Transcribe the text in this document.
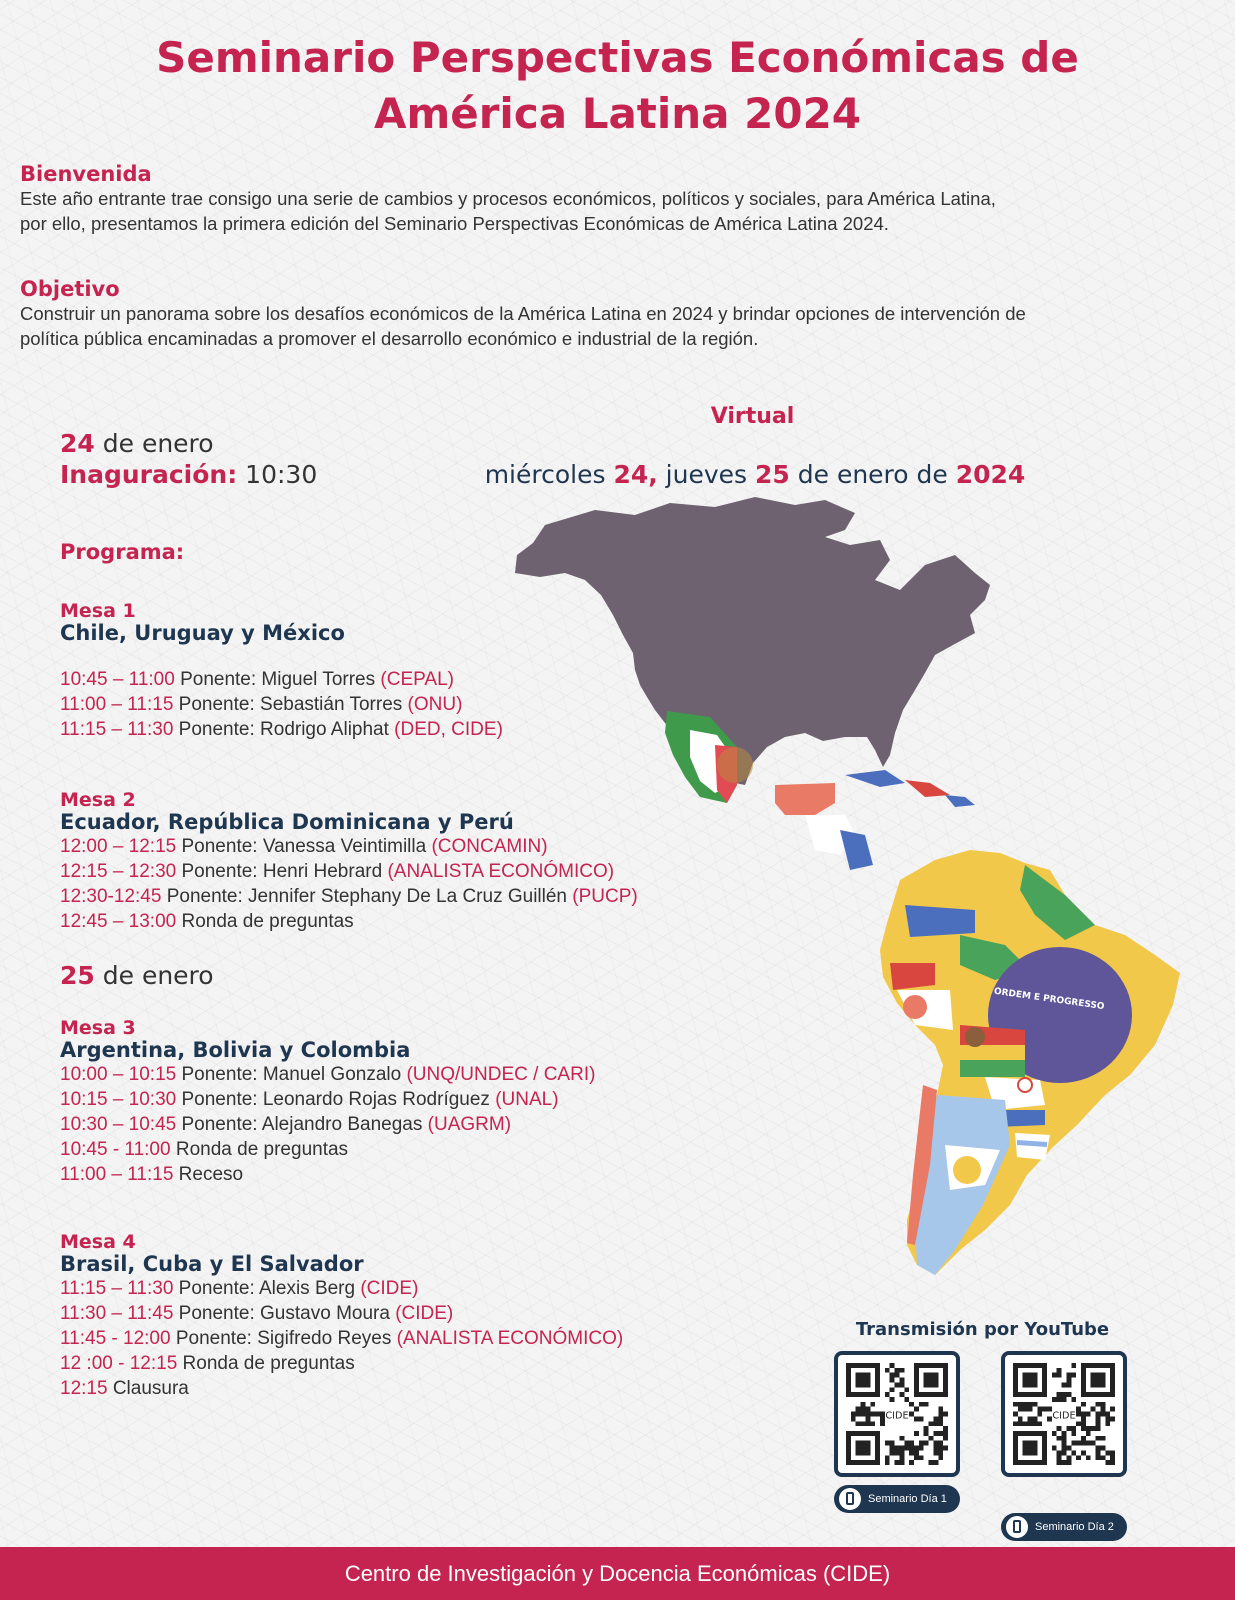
Seminario Perspectivas Económicas de
América Latina 2024
Bienvenida
Este año entrante trae consigo una serie de cambios y procesos económicos, políticos y sociales, para América Latina,
por ello, presentamos la primera edición del Seminario Perspectivas Económicas de América Latina 2024.
Objetivo
Construir un panorama sobre los desafíos económicos de la América Latina en 2024 y brindar opciones de intervención de
política pública encaminadas a promover el desarrollo económico e industrial de la región.
24 de enero
Inaguración: 10:30
Virtual
miércoles 24, jueves 25 de enero de 2024
ORDEM E PROGRESSO
Programa:
Mesa 1
Chile, Uruguay y México
10:45 – 11:00 Ponente: Miguel Torres (CEPAL)
11:00 – 11:15 Ponente: Sebastián Torres (ONU)
11:15 – 11:30 Ponente: Rodrigo Aliphat (DED, CIDE)
Mesa 2
Ecuador, República Dominicana y Perú
12:00 – 12:15 Ponente: Vanessa Veintimilla (CONCAMIN)
12:15 – 12:30 Ponente: Henri Hebrard (ANALISTA ECONÓMICO)
12:30-12:45 Ponente: Jennifer Stephany De La Cruz Guillén (PUCP)
12:45 – 13:00 Ronda de preguntas
25 de enero
Mesa 3
Argentina, Bolivia y Colombia
10:00 – 10:15 Ponente: Manuel Gonzalo (UNQ/UNDEC / CARI)
10:15 – 10:30 Ponente: Leonardo Rojas Rodríguez (UNAL)
10:30 – 10:45 Ponente: Alejandro Banegas (UAGRM)
10:45 - 11:00 Ronda de preguntas
11:00 – 11:15 Receso
Mesa 4
Brasil, Cuba y El Salvador
11:15 – 11:30 Ponente: Alexis Berg (CIDE)
11:30 – 11:45 Ponente: Gustavo Moura (CIDE)
11:45 - 12:00 Ponente: Sigifredo Reyes (ANALISTA ECONÓMICO)
12 :00 - 12:15 Ronda de preguntas
12:15 Clausura
Transmisión por YouTube
CIDE
Seminario Día 1
CIDE
Seminario Día 2
Centro de Investigación y Docencia Económicas (CIDE)
